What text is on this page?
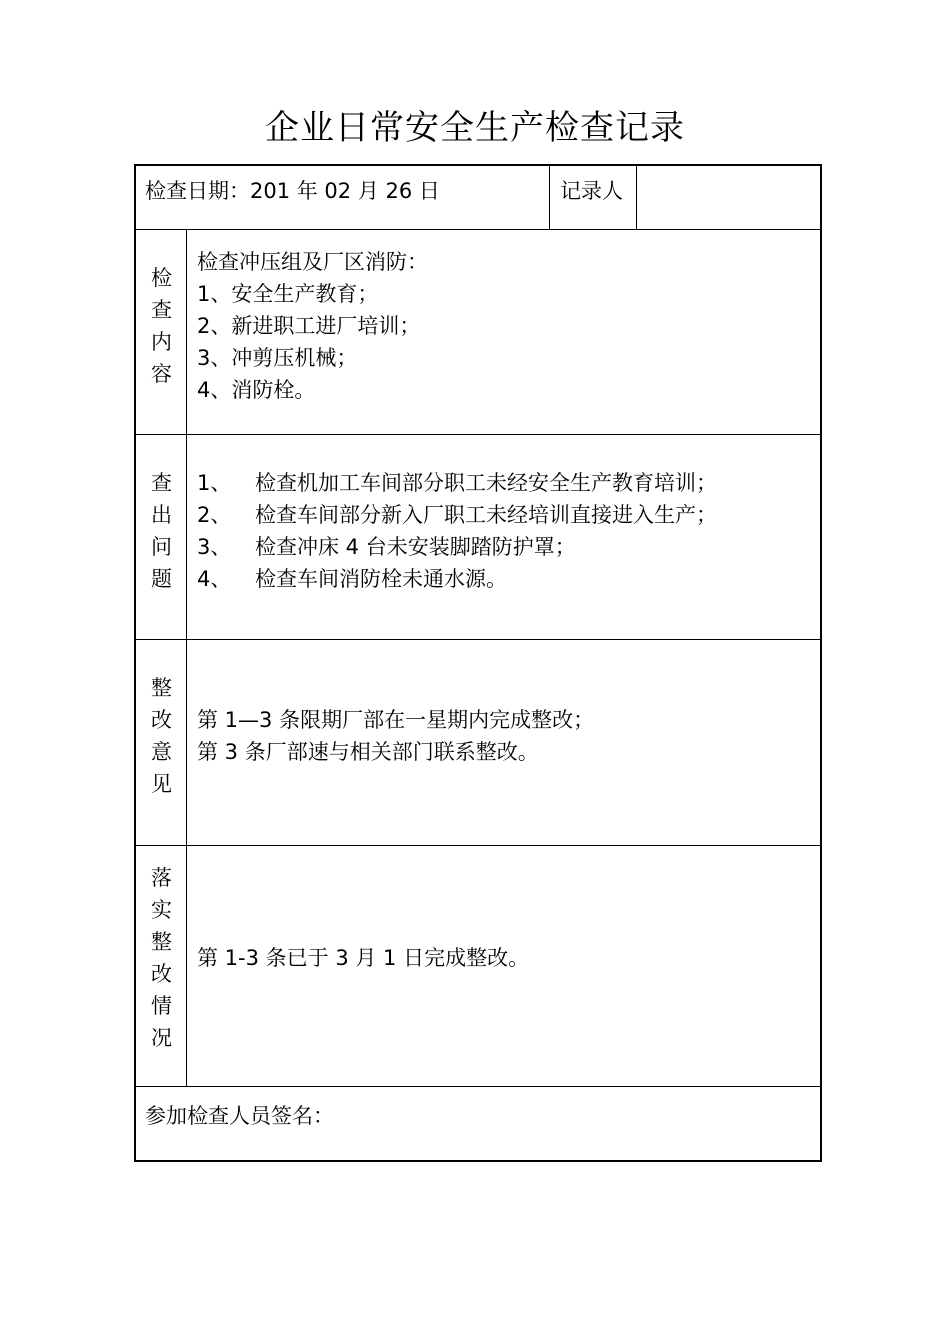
企业日常安全生产检查记录
检查日期：201 年 02 月 26 日	记录人
检
查
内
容
检查冲压组及厂区消防：
1、安全生产教育；
2、新进职工进厂培训；
3、冲剪压机械；
4、消防栓。
查
出
问
题
1、 检查机加工车间部分职工未经安全生产教育培训；
2、 检查车间部分新入厂职工未经培训直接进入生产；
3、 检查冲床 4 台未安装脚踏防护罩；
4、 检查车间消防栓未通水源。
整
改
意
见
第 1—3 条限期厂部在一星期内完成整改；
第 3 条厂部速与相关部门联系整改。
落
实
整
改
情
况
第 1-3 条已于 3 月 1 日完成整改。
参加检查人员签名：
